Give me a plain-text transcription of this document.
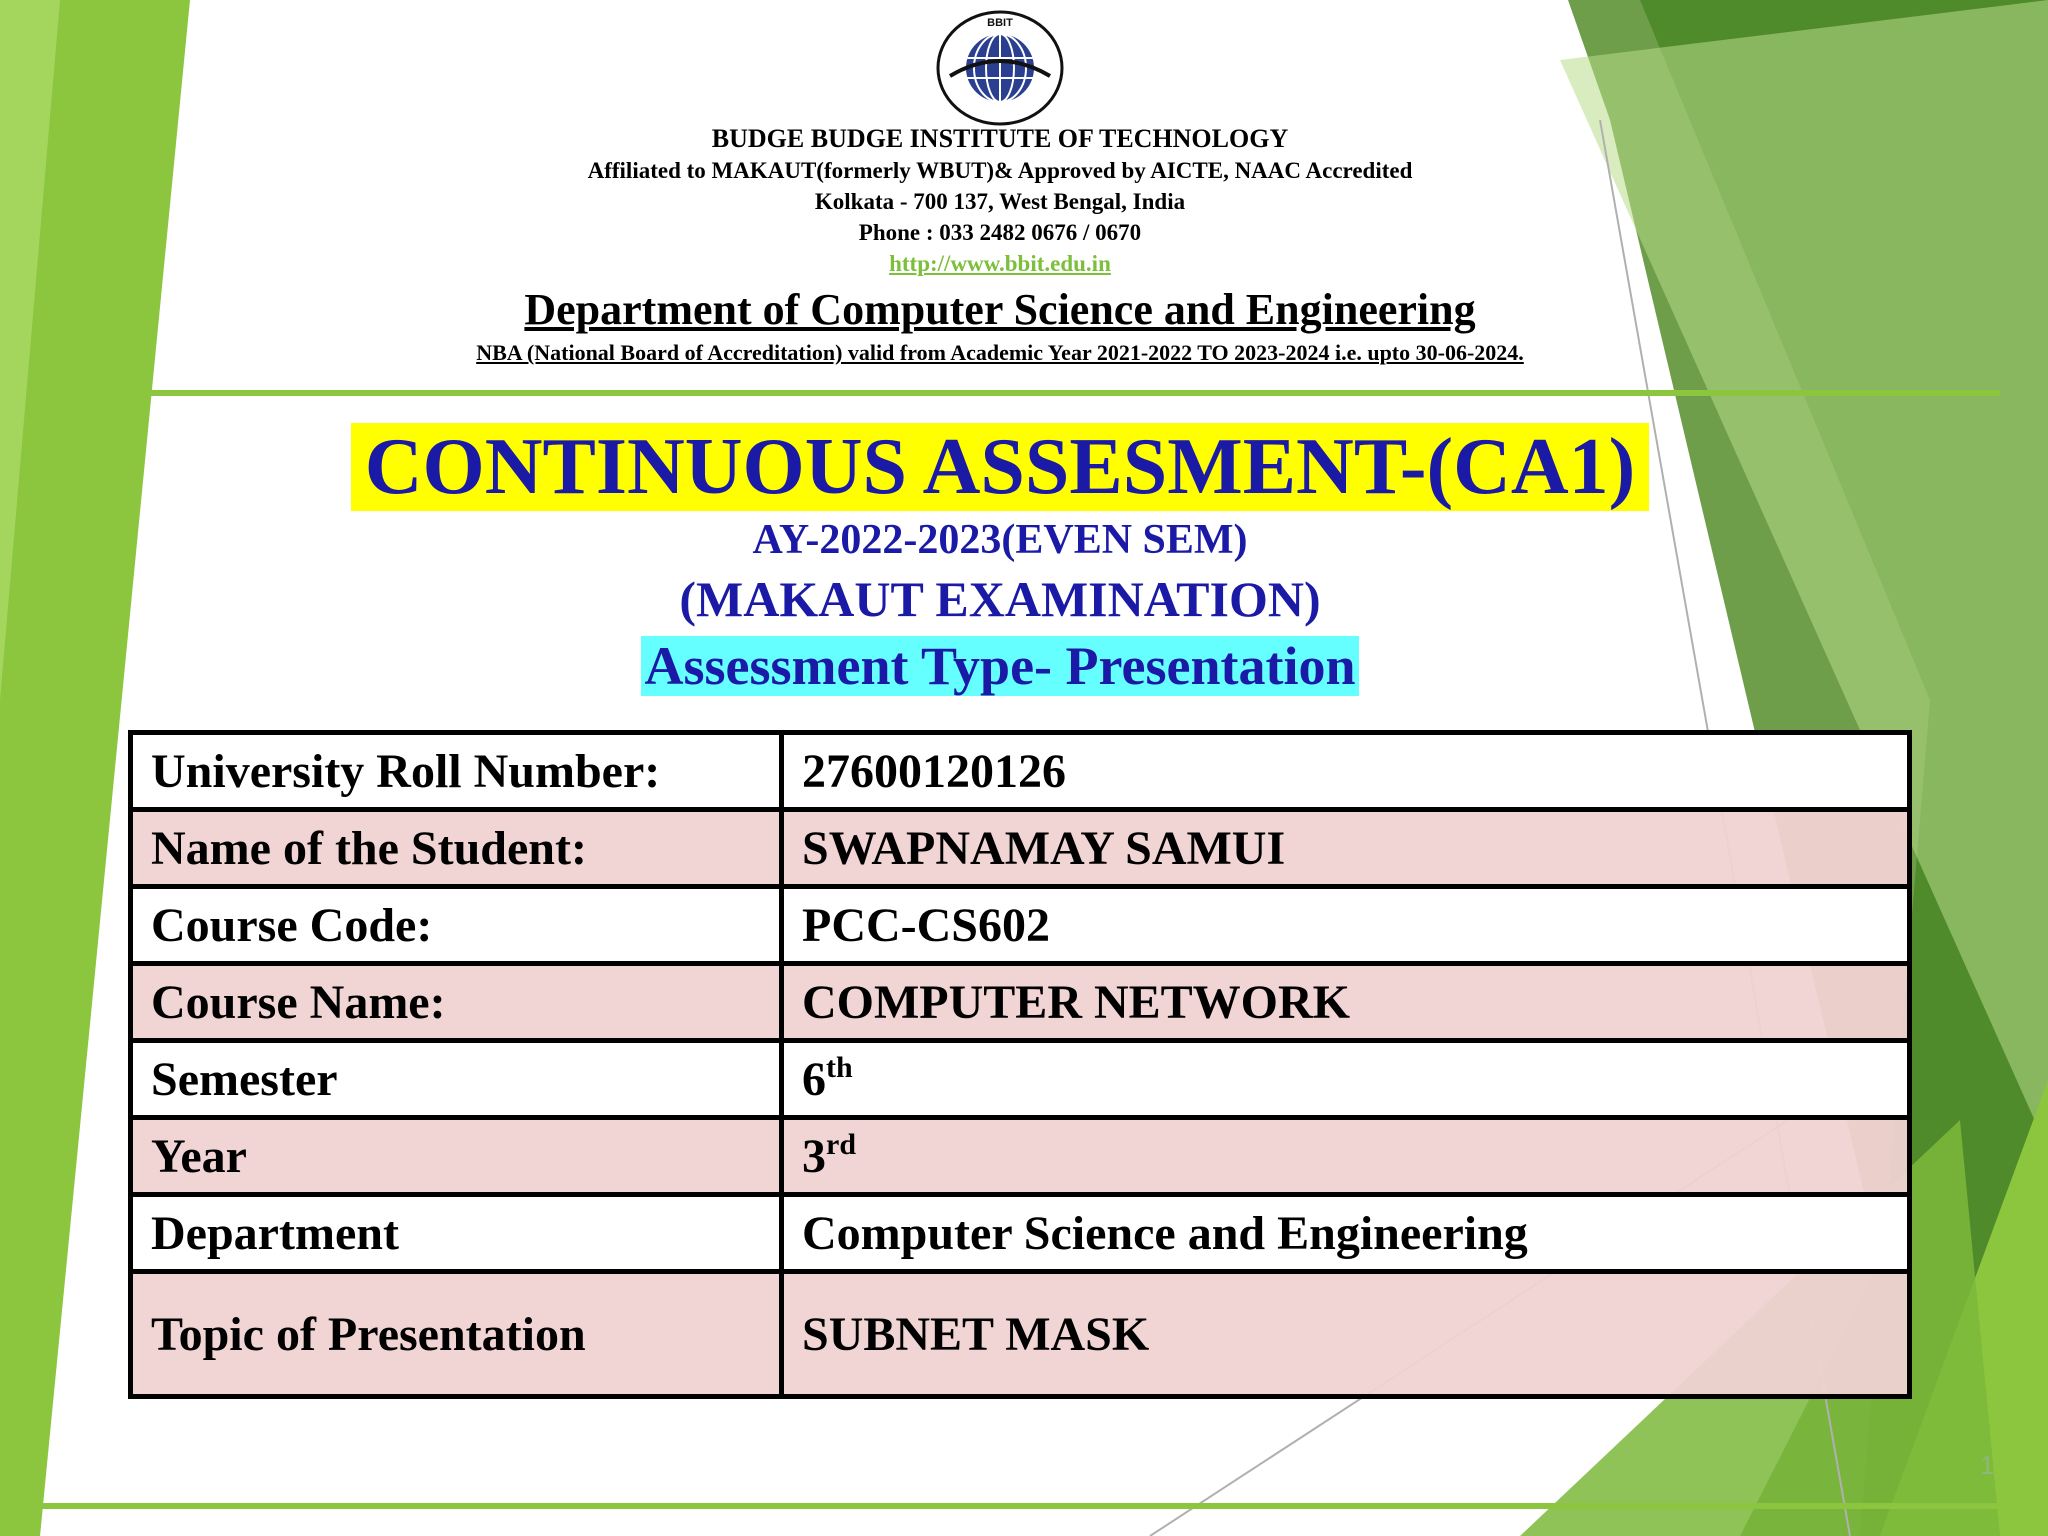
BBIT
BUDGE BUDGE INSTITUTE OF TECHNOLOGY
Affiliated to MAKAUT(formerly WBUT)& Approved by AICTE, NAAC Accredited
Kolkata - 700 137, West Bengal, India
Phone : 033 2482 0676 / 0670
http://www.bbit.edu.in
Department of Computer Science and Engineering
NBA (National Board of Accreditation) valid from Academic Year 2021-2022 TO 2023-2024 i.e. upto 30-06-2024.
CONTINUOUS ASSESMENT-(CA1)
AY-2022-2023(EVEN SEM)
(MAKAUT EXAMINATION)
Assessment Type- Presentation
University Roll Number:	27600120126
Name of the Student:	SWAPNAMAY SAMUI
Course Code:	PCC-CS602
Course Name:	COMPUTER NETWORK
Semester	6th
Year	3rd
Department	Computer Science and Engineering
Topic of Presentation	SUBNET MASK
1
